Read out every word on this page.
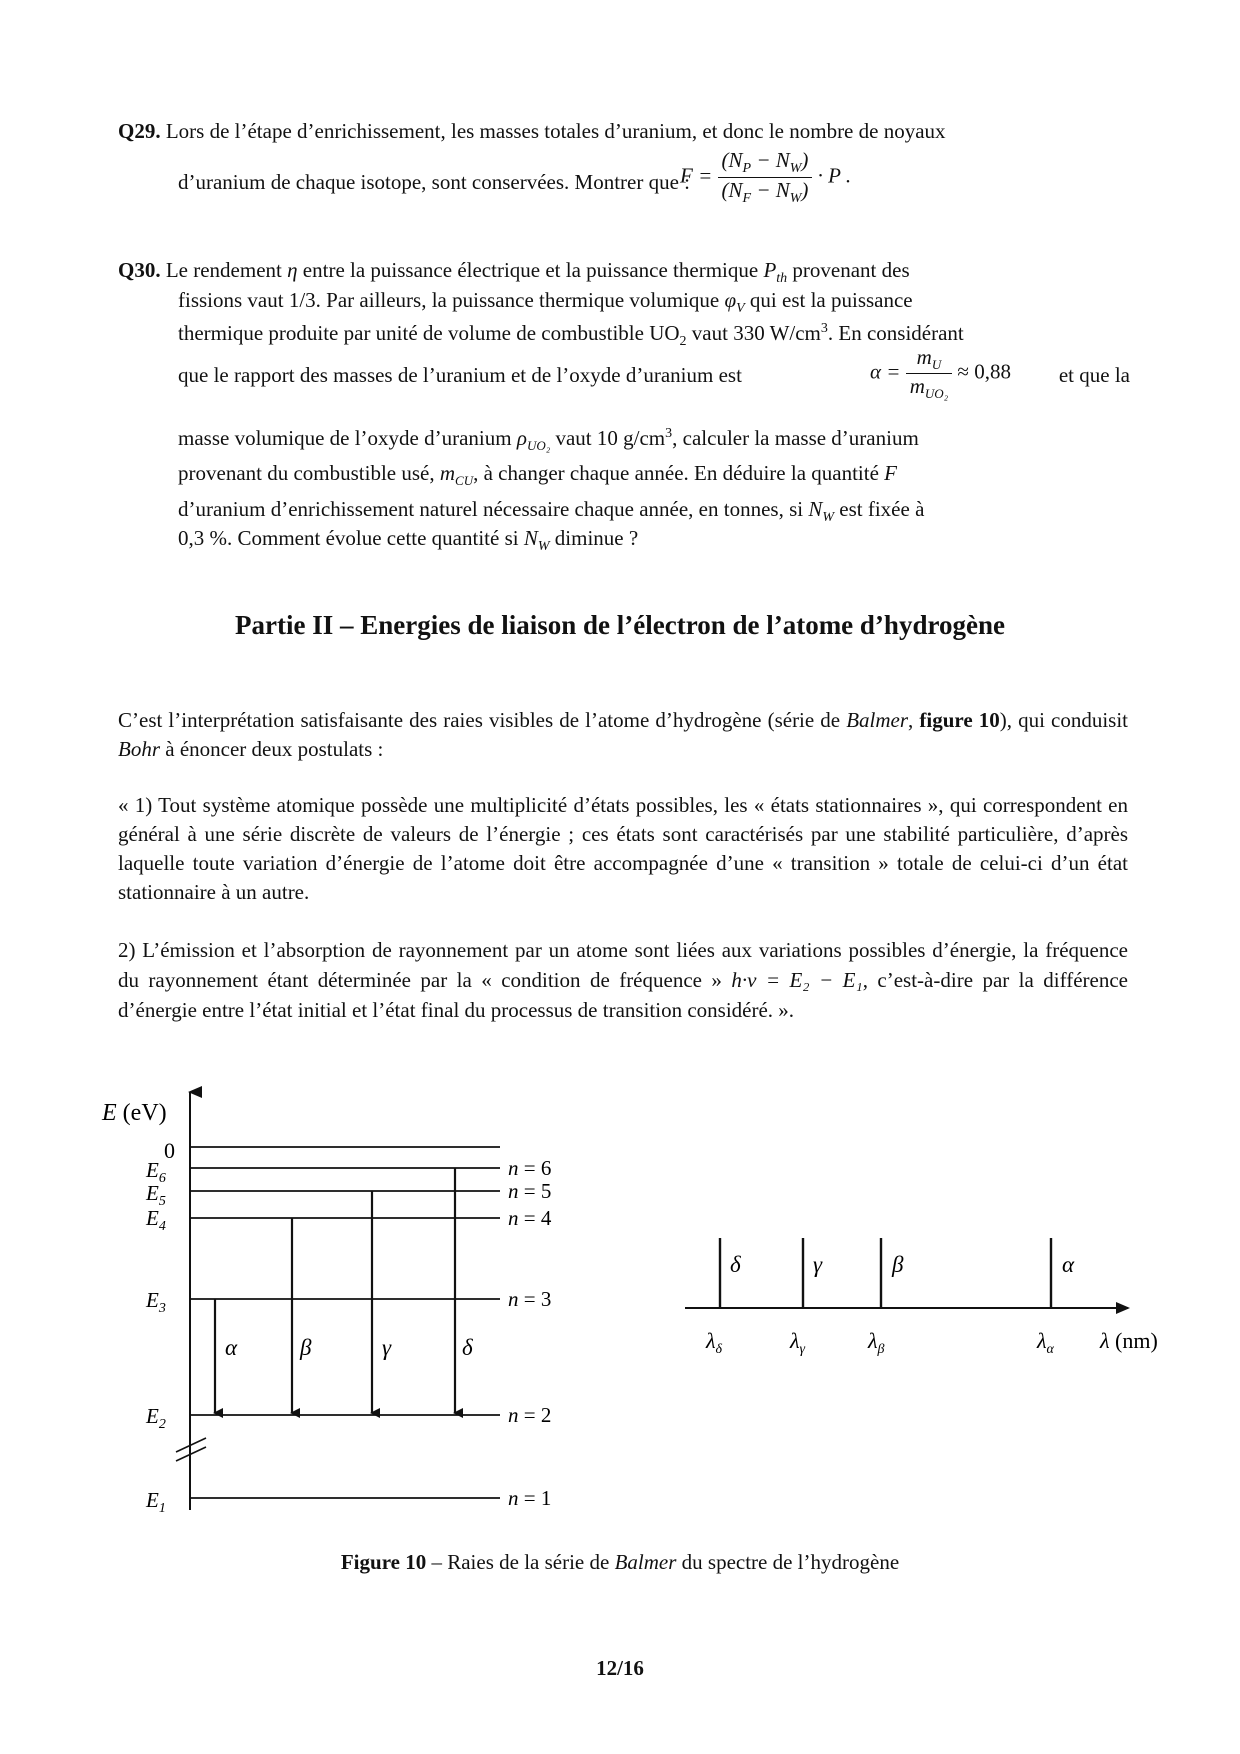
Q29. Lors de l’étape d’enrichissement, les masses totales d’uranium, et donc le nombre de noyaux
d’uranium de chaque isotope, sont conservées. Montrer que :
$F = \frac{(N_P - N_W)}{(N_F - N_W)} \cdot P$ .
Q30. Le rendement η entre la puissance électrique et la puissance thermique $P_{th}$ provenant des
fissions vaut 1/3. Par ailleurs, la puissance thermique volumique $\varphi_V$ qui est la puissance
thermique produite par unité de volume de combustible $UO_2$ vaut 330 $W/cm^3$. En considérant
que le rapport des masses de l’uranium et de l’oxyde d’uranium est	$\alpha = \frac{m_U}{m_{UO_2}} \approx 0,88$	et que la
masse volumique de l’oxyde d’uranium $\rho_{UO_2}$ vaut 10 $g/cm^3$, calculer la masse d’uranium
provenant du combustible usé, $m_{CU}$, à changer chaque année. En déduire la quantité F
d’uranium d’enrichissement naturel nécessaire chaque année, en tonnes, si $N_W$ est fixée à
0,3 %. Comment évolue cette quantité si $N_W$ diminue ?
Partie II – Energies de liaison de l’électron de l’atome d’hydrogène
C’est l’interprétation satisfaisante des raies visibles de l’atome d’hydrogène (série de Balmer, figure 10), qui conduisit Bohr à énoncer deux postulats :
« 1) Tout système atomique possède une multiplicité d’états possibles, les « états stationnaires », qui correspondent en général à une série discrète de valeurs de l’énergie ; ces états sont caractérisés par une stabilité particulière, d’après laquelle toute variation d’énergie de l’atome doit être accompagnée d’une « transition » totale de celui-ci d’un état stationnaire à un autre.
2) L’émission et l’absorption de rayonnement par un atome sont liées aux variations possibles d’énergie, la fréquence du rayonnement étant déterminée par la « condition de fréquence » h·ν = E₂ − E₁, c’est-à-dire par la différence d’énergie entre l’état initial et l’état final du processus de transition considéré. ».
E (eV)
0
$E_6$
$E_5$
$E_4$
$E_3$
$E_2$
$E_1$
n = 6
n = 5
n = 4
n = 3
n = 2
n = 1
α	β	γ	δ
δ	γ	β	α
$\lambda_\delta$	$\lambda_\gamma$	$\lambda_\beta$	$\lambda_\alpha$ λ (nm)
Figure 10 – Raies de la série de Balmer du spectre de l’hydrogène
12/16
